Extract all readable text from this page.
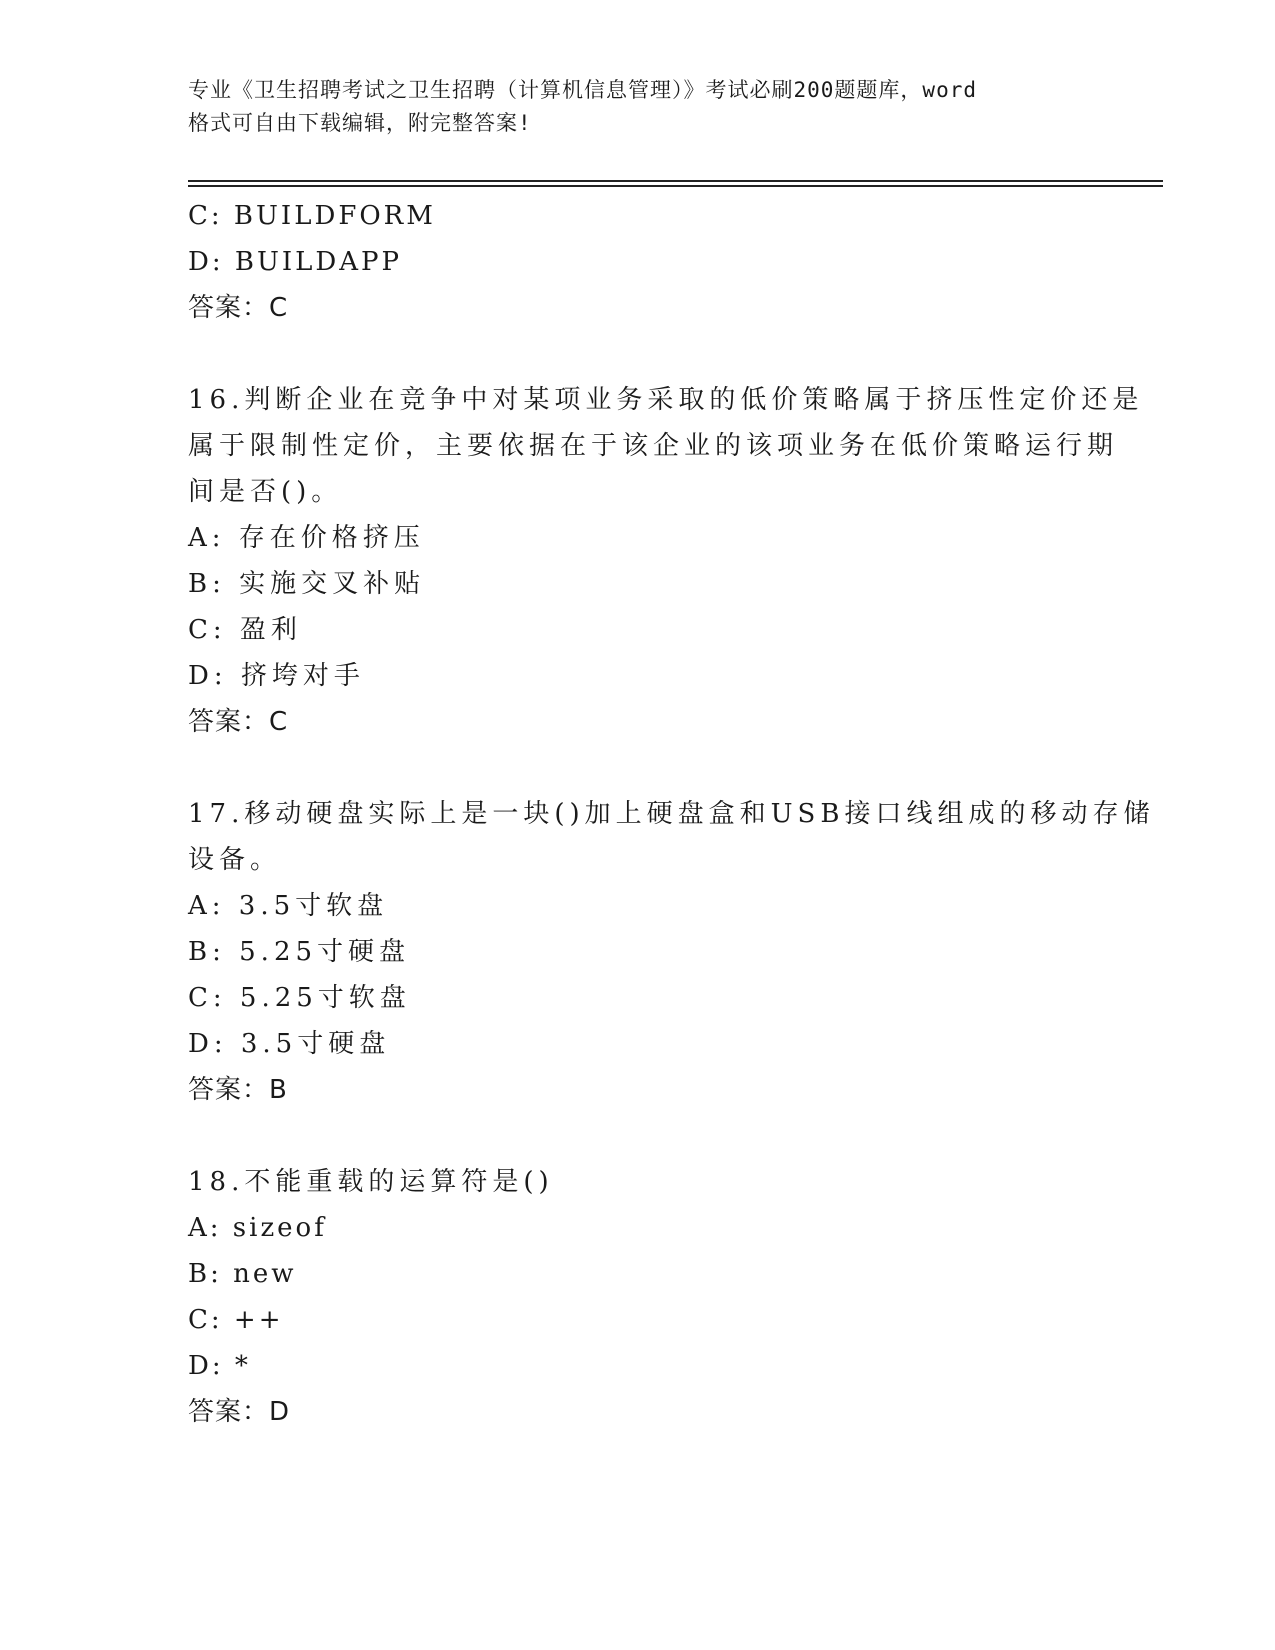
专业《卫生招聘考试之卫生招聘（计算机信息管理）》考试必刷200题题库，word
格式可自由下载编辑，附完整答案!
C: BUILDFORM
D: BUILDAPP
答案：C
16.判断企业在竞争中对某项业务采取的低价策略属于挤压性定价还是
属于限制性定价，主要依据在于该企业的该项业务在低价策略运行期
间是否()。
A: 存在价格挤压
B: 实施交叉补贴
C: 盈利
D: 挤垮对手
答案：C
17.移动硬盘实际上是一块()加上硬盘盒和USB接口线组成的移动存储
设备。
A: 3.5寸软盘
B: 5.25寸硬盘
C: 5.25寸软盘
D: 3.5寸硬盘
答案：B
18.不能重载的运算符是()
A: sizeof
B: new
C: ++
D: *
答案：D
